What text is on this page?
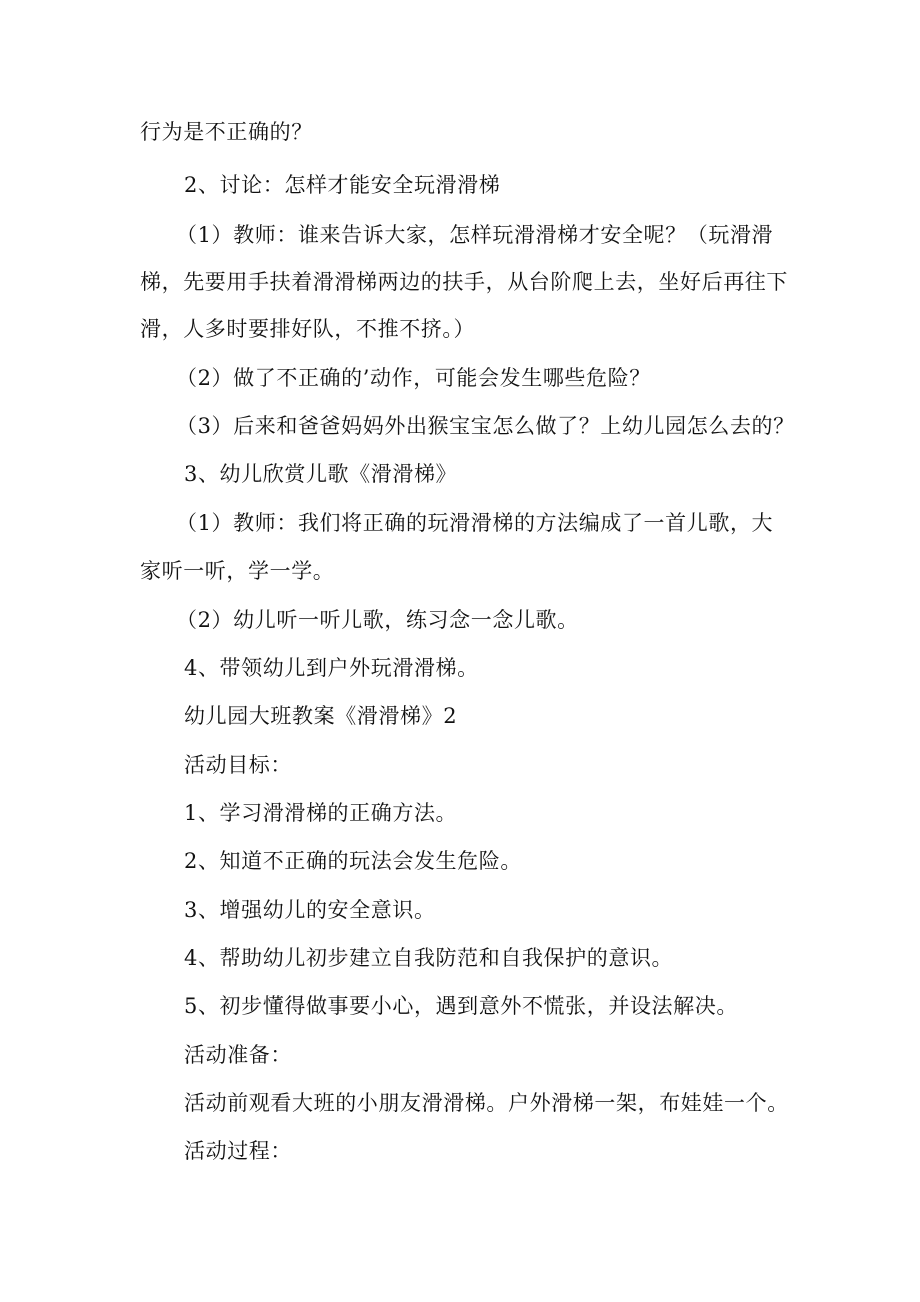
行为是不正确的？
2、讨论：怎样才能安全玩滑滑梯
（1）教师：谁来告诉大家，怎样玩滑滑梯才安全呢？（玩滑滑
梯，先要用手扶着滑滑梯两边的扶手，从台阶爬上去，坐好后再往下
滑，人多时要排好队，不推不挤。）
（2）做了不正确的’动作，可能会发生哪些危险？
（3）后来和爸爸妈妈外出猴宝宝怎么做了？上幼儿园怎么去的？
3、幼儿欣赏儿歌《滑滑梯》
（1）教师：我们将正确的玩滑滑梯的方法编成了一首儿歌，大
家听一听，学一学。
（2）幼儿听一听儿歌，练习念一念儿歌。
4、带领幼儿到户外玩滑滑梯。
幼儿园大班教案《滑滑梯》2
活动目标：
1、学习滑滑梯的正确方法。
2、知道不正确的玩法会发生危险。
3、增强幼儿的安全意识。
4、帮助幼儿初步建立自我防范和自我保护的意识。
5、初步懂得做事要小心，遇到意外不慌张，并设法解决。
活动准备：
活动前观看大班的小朋友滑滑梯。户外滑梯一架，布娃娃一个。
活动过程：
